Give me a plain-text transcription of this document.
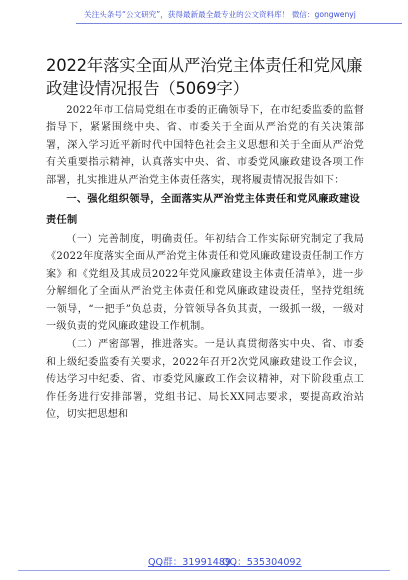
关注头条号“公文研究”，获得最新最全最专业的公文资料库！ 微信：gongwenyj
2022年落实全面从严治党主体责任和党风廉政建设情况报告（5069字）

2022年市工信局党组在市委的正确领导下，在市纪委监委的监督指导下，紧紧围绕中央、省、市委关于全面从严治党的有关决策部署，深入学习近平新时代中国特色社会主义思想和关于全面从严治党有关重要指示精神，认真落实中央、省、市委党风廉政建设各项工作部署，扎实推进从严治党主体责任落实，现将履责情况报告如下：

一、强化组织领导，全面落实从严治党主体责任和党风廉政建设责任制

（一）完善制度，明确责任。年初结合工作实际研究制定了我局《2022年度落实全面从严治党主体责任和党风廉政建设责任制工作方案》和《党组及其成员2022年党风廉政建设主体责任清单》，进一步分解细化了全面从严治党主体责任和党风廉政建设责任，坚持党组统一领导，“一把手”负总责，分管领导各负其责，一级抓一级，一级对一级负责的党风廉政建设工作机制。

（二）严密部署，推进落实。一是认真贯彻落实中央、省、市委和上级纪委监委有关要求，2022年召开2次党风廉政建设工作会议，传达学习中纪委、省、市委党风廉政工作会议精神，对下阶段重点工作任务进行安排部署，党组书记、局长XX同志要求，要提高政治站位，切实把思想和

QQ群：31991489
QQ：535304092
